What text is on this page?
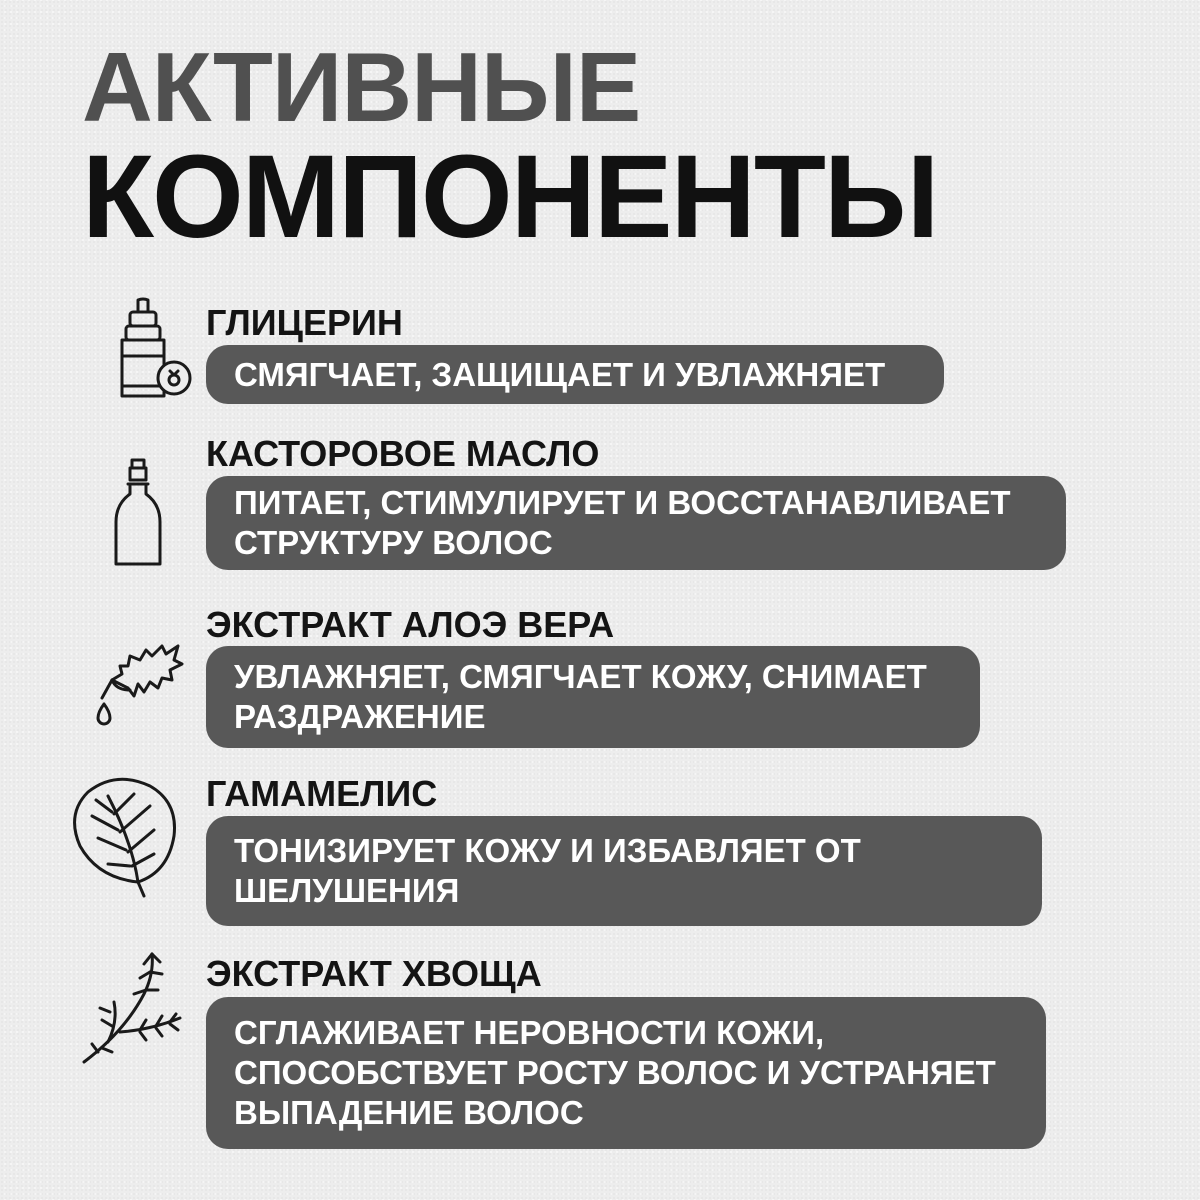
АКТИВНЫЕ
КОМПОНЕНТЫ
ГЛИЦЕРИН
СМЯГЧАЕТ, ЗАЩИЩАЕТ И УВЛАЖНЯЕТ
КАСТОРОВОЕ МАСЛО
ПИТАЕТ, СТИМУЛИРУЕТ И ВОССТАНАВЛИВАЕТ СТРУКТУРУ ВОЛОС
ЭКСТРАКТ АЛОЭ ВЕРА
УВЛАЖНЯЕТ, СМЯГЧАЕТ КОЖУ, СНИМАЕТ РАЗДРАЖЕНИЕ
ГАМАМЕЛИС
ТОНИЗИРУЕТ КОЖУ И ИЗБАВЛЯЕТ ОТ ШЕЛУШЕНИЯ
ЭКСТРАКТ ХВОЩА
СГЛАЖИВАЕТ НЕРОВНОСТИ КОЖИ, СПОСОБСТВУЕТ РОСТУ ВОЛОС И УСТРАНЯЕТ ВЫПАДЕНИЕ ВОЛОС
